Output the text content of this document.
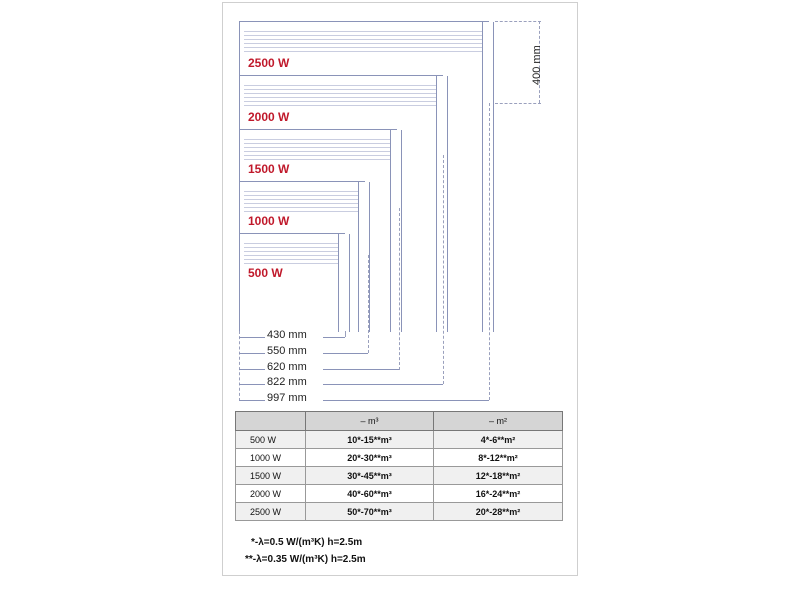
2500 W
2000 W
1500 W
1000 W
500 W
400 mm
430 mm
550 mm
620 mm
822 mm
997 mm
	– m³	– m²
500 W	10*-15**m³	4*-6**m²
1000 W	20*-30**m³	8*-12**m²
1500 W	30*-45**m³	12*-18**m²
2000 W	40*-60**m³	16*-24**m²
2500 W	50*-70**m³	20*-28**m²
*-λ=0.5 W/(m³K) h=2.5m
**-λ=0.35 W/(m³K) h=2.5m
